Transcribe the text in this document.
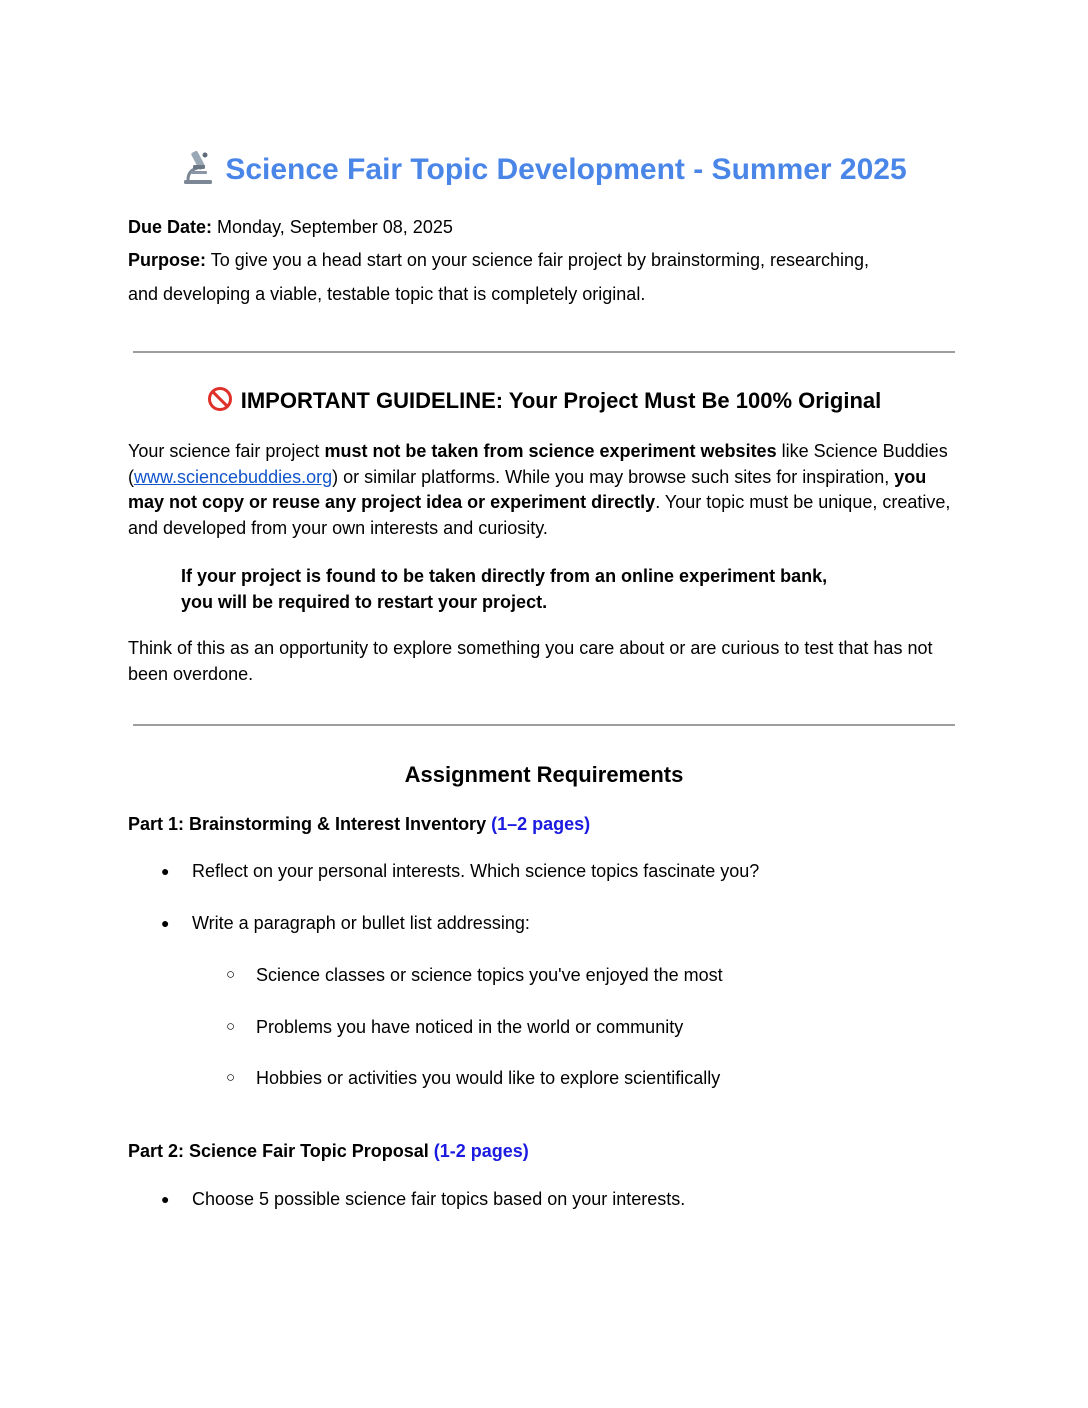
Science Fair Topic Development - Summer 2025
Due Date: Monday, September 08, 2025
Purpose: To give you a head start on your science fair project by brainstorming, researching,
and developing a viable, testable topic that is completely original.
IMPORTANT GUIDELINE: Your Project Must Be 100% Original
Your science fair project must not be taken from science experiment websites like Science Buddies (www.sciencebuddies.org) or similar platforms. While you may browse such sites for inspiration, you may not copy or reuse any project idea or experiment directly. Your topic must be unique, creative, and developed from your own interests and curiosity.
If your project is found to be taken directly from an online experiment bank,
you will be required to restart your project.
Think of this as an opportunity to explore something you care about or are curious to test that has not been overdone.
Assignment Requirements
Part 1: Brainstorming & Interest Inventory (1–2 pages)
● Reflect on your personal interests. Which science topics fascinate you?
● Write a paragraph or bullet list addressing:
○ Science classes or science topics you've enjoyed the most
○ Problems you have noticed in the world or community
○ Hobbies or activities you would like to explore scientifically
Part 2: Science Fair Topic Proposal (1-2 pages)
● Choose 5 possible science fair topics based on your interests.
